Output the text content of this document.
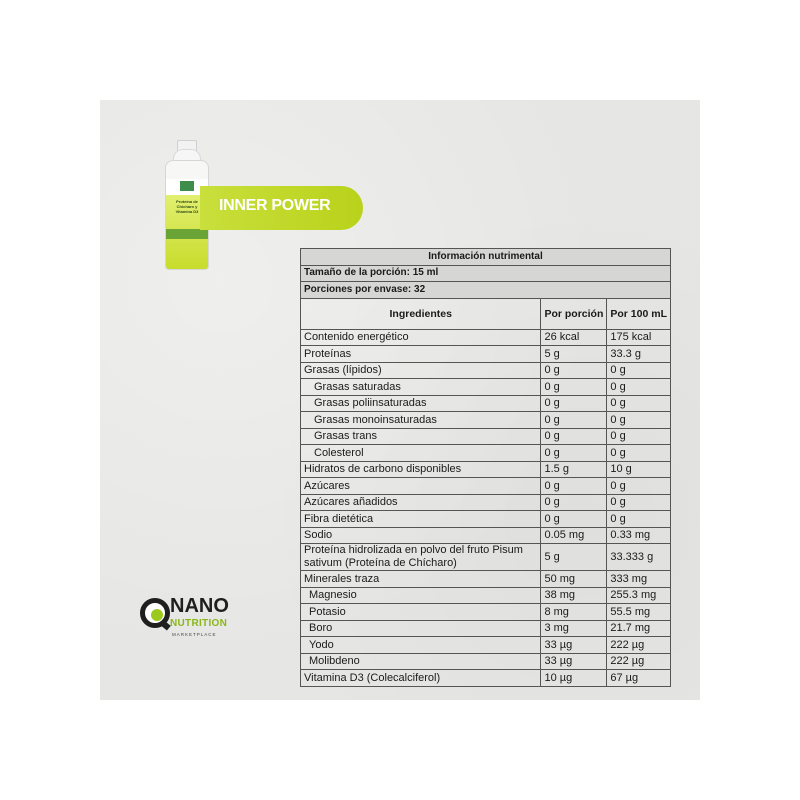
Proteína de
Chícharo y
Vitamina D3	INNER POWER
Información nutrimental		
Tamaño de la porción: 15 ml		
Porciones por envase: 32		
Ingredientes	Por porción	Por 100 mL
Contenido energético	26 kcal	175 kcal
Proteínas	5 g	33.3 g
Grasas (lípidos)	0 g	0 g
Grasas saturadas	0 g	0 g
Grasas poliinsaturadas	0 g	0 g
Grasas monoinsaturadas	0 g	0 g
Grasas trans	0 g	0 g
Colesterol	0 g	0 g
Hidratos de carbono disponibles	1.5 g	10 g
Azúcares	0 g	0 g
Azúcares añadidos	0 g	0 g
Fibra dietética	0 g	0 g
Sodio	0.05 mg	0.33 mg
Proteína hidrolizada en polvo del fruto Pisum sativum (Proteína de Chícharo)	5 g	33.333 g
Minerales traza	50 mg	333 mg
Magnesio	38 mg	255.3 mg
Potasio	8 mg	55.5 mg
Boro	3 mg	21.7 mg
Yodo	33 µg	222 µg
Molibdeno	33 µg	222 µg
Vitamina D3 (Colecalciferol)	10 µg	67 µg
NANO
NUTRITION
MARKETPLACE
